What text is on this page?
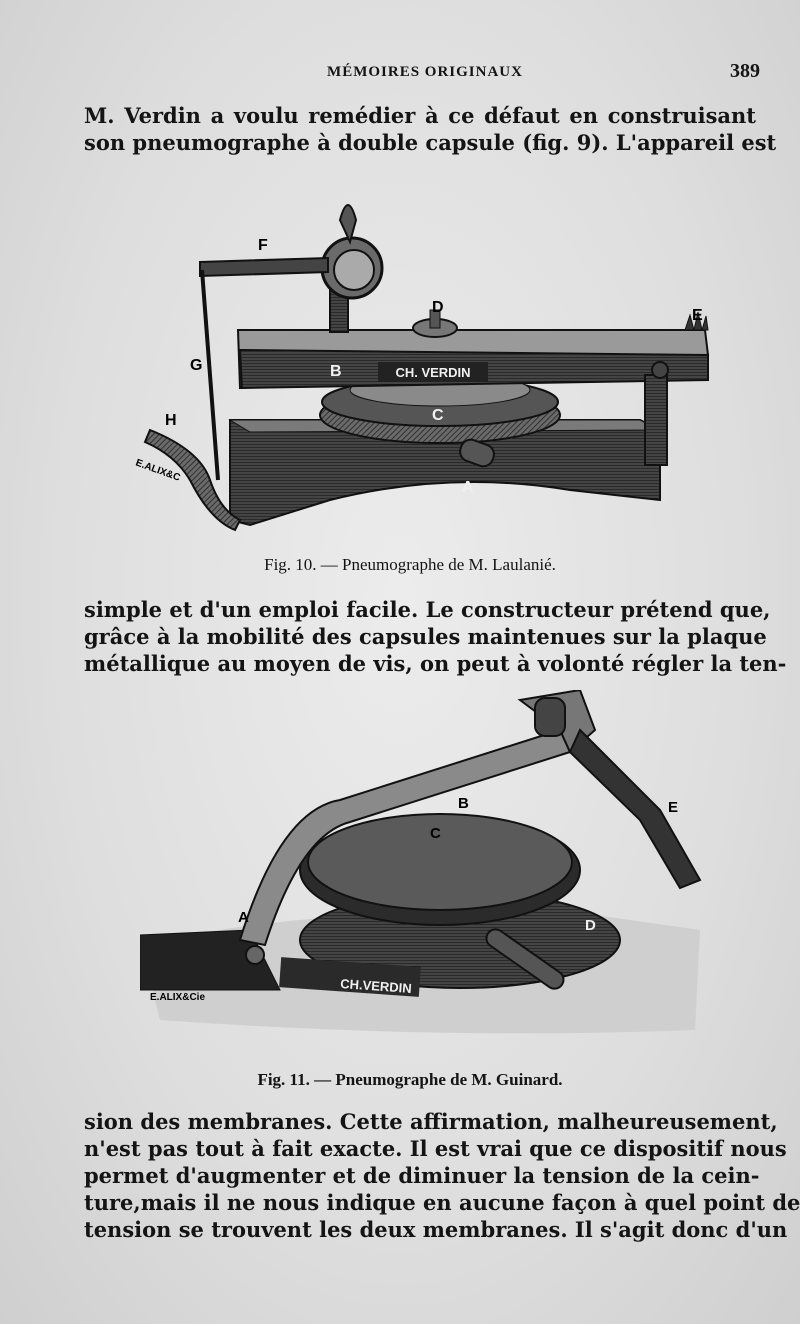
MÉMOIRES ORIGINAUX	389
M. Verdin a voulu remédier à ce défaut en construisant
son pneumographe à double capsule (fig. 9). L'appareil est
CH. VERDIN
F
G
H
D	E
B
C
A
E.ALIX&C
Fig. 10. — Pneumographe de M. Laulanié.
simple et d'un emploi facile. Le constructeur prétend que,
grâce à la mobilité des capsules maintenues sur la plaque
métallique au moyen de vis, on peut à volonté régler la ten-
CH.VERDIN
B
C
D
E
A
E.ALIX&Cie
Fig. 11. — Pneumographe de M. Guinard.
sion des membranes. Cette affirmation, malheureusement,
n'est pas tout à fait exacte. Il est vrai que ce dispositif nous
permet d'augmenter et de diminuer la tension de la cein-
ture,mais il ne nous indique en aucune façon à quel point de
tension se trouvent les deux membranes. Il s'agit donc d'un
